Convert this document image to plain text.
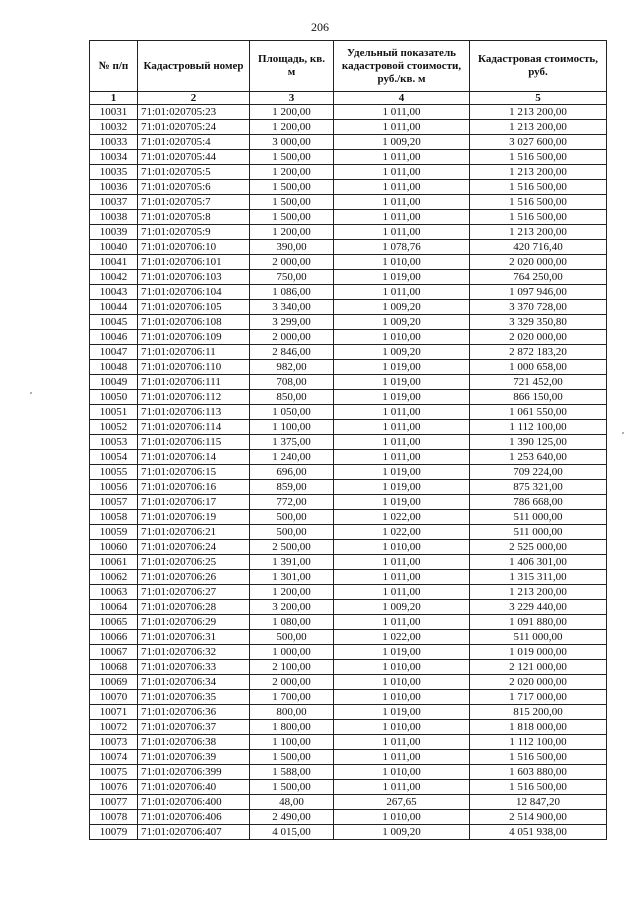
206
№ п/п	Кадастровый номер	Площадь, кв. м	Удельный показатель кадастровой стоимости, руб./кв. м	Кадастровая стоимость, руб.
1	2	3	4	5
10031	71:01:020705:23	1 200,00	1 011,00	1 213 200,00
10032	71:01:020705:24	1 200,00	1 011,00	1 213 200,00
10033	71:01:020705:4	3 000,00	1 009,20	3 027 600,00
10034	71:01:020705:44	1 500,00	1 011,00	1 516 500,00
10035	71:01:020705:5	1 200,00	1 011,00	1 213 200,00
10036	71:01:020705:6	1 500,00	1 011,00	1 516 500,00
10037	71:01:020705:7	1 500,00	1 011,00	1 516 500,00
10038	71:01:020705:8	1 500,00	1 011,00	1 516 500,00
10039	71:01:020705:9	1 200,00	1 011,00	1 213 200,00
10040	71:01:020706:10	390,00	1 078,76	420 716,40
10041	71:01:020706:101	2 000,00	1 010,00	2 020 000,00
10042	71:01:020706:103	750,00	1 019,00	764 250,00
10043	71:01:020706:104	1 086,00	1 011,00	1 097 946,00
10044	71:01:020706:105	3 340,00	1 009,20	3 370 728,00
10045	71:01:020706:108	3 299,00	1 009,20	3 329 350,80
10046	71:01:020706:109	2 000,00	1 010,00	2 020 000,00
10047	71:01:020706:11	2 846,00	1 009,20	2 872 183,20
10048	71:01:020706:110	982,00	1 019,00	1 000 658,00
10049	71:01:020706:111	708,00	1 019,00	721 452,00
10050	71:01:020706:112	850,00	1 019,00	866 150,00
10051	71:01:020706:113	1 050,00	1 011,00	1 061 550,00
10052	71:01:020706:114	1 100,00	1 011,00	1 112 100,00
10053	71:01:020706:115	1 375,00	1 011,00	1 390 125,00
10054	71:01:020706:14	1 240,00	1 011,00	1 253 640,00
10055	71:01:020706:15	696,00	1 019,00	709 224,00
10056	71:01:020706:16	859,00	1 019,00	875 321,00
10057	71:01:020706:17	772,00	1 019,00	786 668,00
10058	71:01:020706:19	500,00	1 022,00	511 000,00
10059	71:01:020706:21	500,00	1 022,00	511 000,00
10060	71:01:020706:24	2 500,00	1 010,00	2 525 000,00
10061	71:01:020706:25	1 391,00	1 011,00	1 406 301,00
10062	71:01:020706:26	1 301,00	1 011,00	1 315 311,00
10063	71:01:020706:27	1 200,00	1 011,00	1 213 200,00
10064	71:01:020706:28	3 200,00	1 009,20	3 229 440,00
10065	71:01:020706:29	1 080,00	1 011,00	1 091 880,00
10066	71:01:020706:31	500,00	1 022,00	511 000,00
10067	71:01:020706:32	1 000,00	1 019,00	1 019 000,00
10068	71:01:020706:33	2 100,00	1 010,00	2 121 000,00
10069	71:01:020706:34	2 000,00	1 010,00	2 020 000,00
10070	71:01:020706:35	1 700,00	1 010,00	1 717 000,00
10071	71:01:020706:36	800,00	1 019,00	815 200,00
10072	71:01:020706:37	1 800,00	1 010,00	1 818 000,00
10073	71:01:020706:38	1 100,00	1 011,00	1 112 100,00
10074	71:01:020706:39	1 500,00	1 011,00	1 516 500,00
10075	71:01:020706:399	1 588,00	1 010,00	1 603 880,00
10076	71:01:020706:40	1 500,00	1 011,00	1 516 500,00
10077	71:01:020706:400	48,00	267,65	12 847,20
10078	71:01:020706:406	2 490,00	1 010,00	2 514 900,00
10079	71:01:020706:407	4 015,00	1 009,20	4 051 938,00
